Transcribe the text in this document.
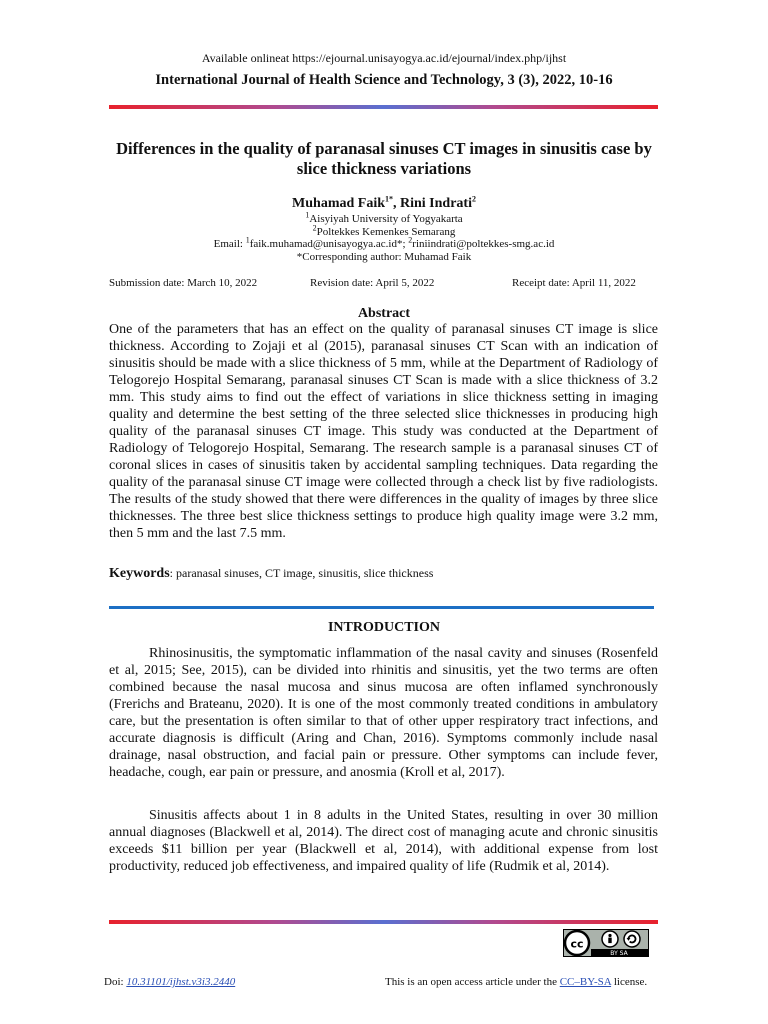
Available onlineat https://ejournal.unisayogya.ac.id/ejournal/index.php/ijhst
International Journal of Health Science and Technology, 3 (3), 2022, 10-16
Differences in the quality of paranasal sinuses CT images in sinusitis case by slice thickness variations
Muhamad Faik$^{1*}$, Rini Indrati$^2$
$^1$Aisyiyah University of Yogyakarta
$^2$Poltekkes Kemenkes Semarang
Email: $^1$faik.muhamad@unisayogya.ac.id*; $^2$riniindrati@poltekkes-smg.ac.id
*Corresponding author: Muhamad Faik
Submission date: March 10, 2022	Revision date: April 5, 2022	Receipt date: April 11, 2022
Abstract
One of the parameters that has an effect on the quality of paranasal sinuses CT image is slice thickness. According to Zojaji et al (2015), paranasal sinuses CT Scan with an indication of sinusitis should be made with a slice thickness of 5 mm, while at the Department of Radiology of Telogorejo Hospital Semarang, paranasal sinuses CT Scan is made with a slice thickness of 3.2 mm. This study aims to find out the effect of variations in slice thickness setting in imaging quality and determine the best setting of the three selected slice thicknesses in producing high quality of the paranasal sinuses CT image. This study was conducted at the Department of Radiology of Telogorejo Hospital, Semarang. The research sample is a paranasal sinuses CT of coronal slices in cases of sinusitis taken by accidental sampling techniques. Data regarding the quality of the paranasal sinuse CT image were collected through a check list by five radiologists. The results of the study showed that there were differences in the quality of images by three slice thicknesses. The three best slice thickness settings to produce high quality image were 3.2 mm, then 5 mm and the last 7.5 mm.
Keywords: paranasal sinuses, CT image, sinusitis, slice thickness
INTRODUCTION
Rhinosinusitis, the symptomatic inflammation of the nasal cavity and sinuses (Rosenfeld et al, 2015; See, 2015), can be divided into rhinitis and sinusitis, yet the two terms are often combined because the nasal mucosa and sinus mucosa are often inflamed synchronously (Frerichs and Brateanu, 2020). It is one of the most commonly treated conditions in ambulatory care, but the presentation is often similar to that of other upper respiratory tract infections, and accurate diagnosis is difficult (Aring and Chan, 2016). Symptoms commonly include nasal drainage, nasal obstruction, and facial pain or pressure. Other symptoms can include fever, headache, cough, ear pain or pressure, and anosmia (Kroll et al, 2017).
Sinusitis affects about 1 in 8 adults in the United States, resulting in over 30 million annual diagnoses (Blackwell et al, 2014). The direct cost of managing acute and chronic sinusitis exceeds $11 billion per year (Blackwell et al, 2014), with additional expense from lost productivity, reduced job effectiveness, and impaired quality of life (Rudmik et al, 2014).
cc
BY SA
Doi: 10.31101/ijhst.v3i3.2440	This is an open access article under the CC–BY-SA license.
